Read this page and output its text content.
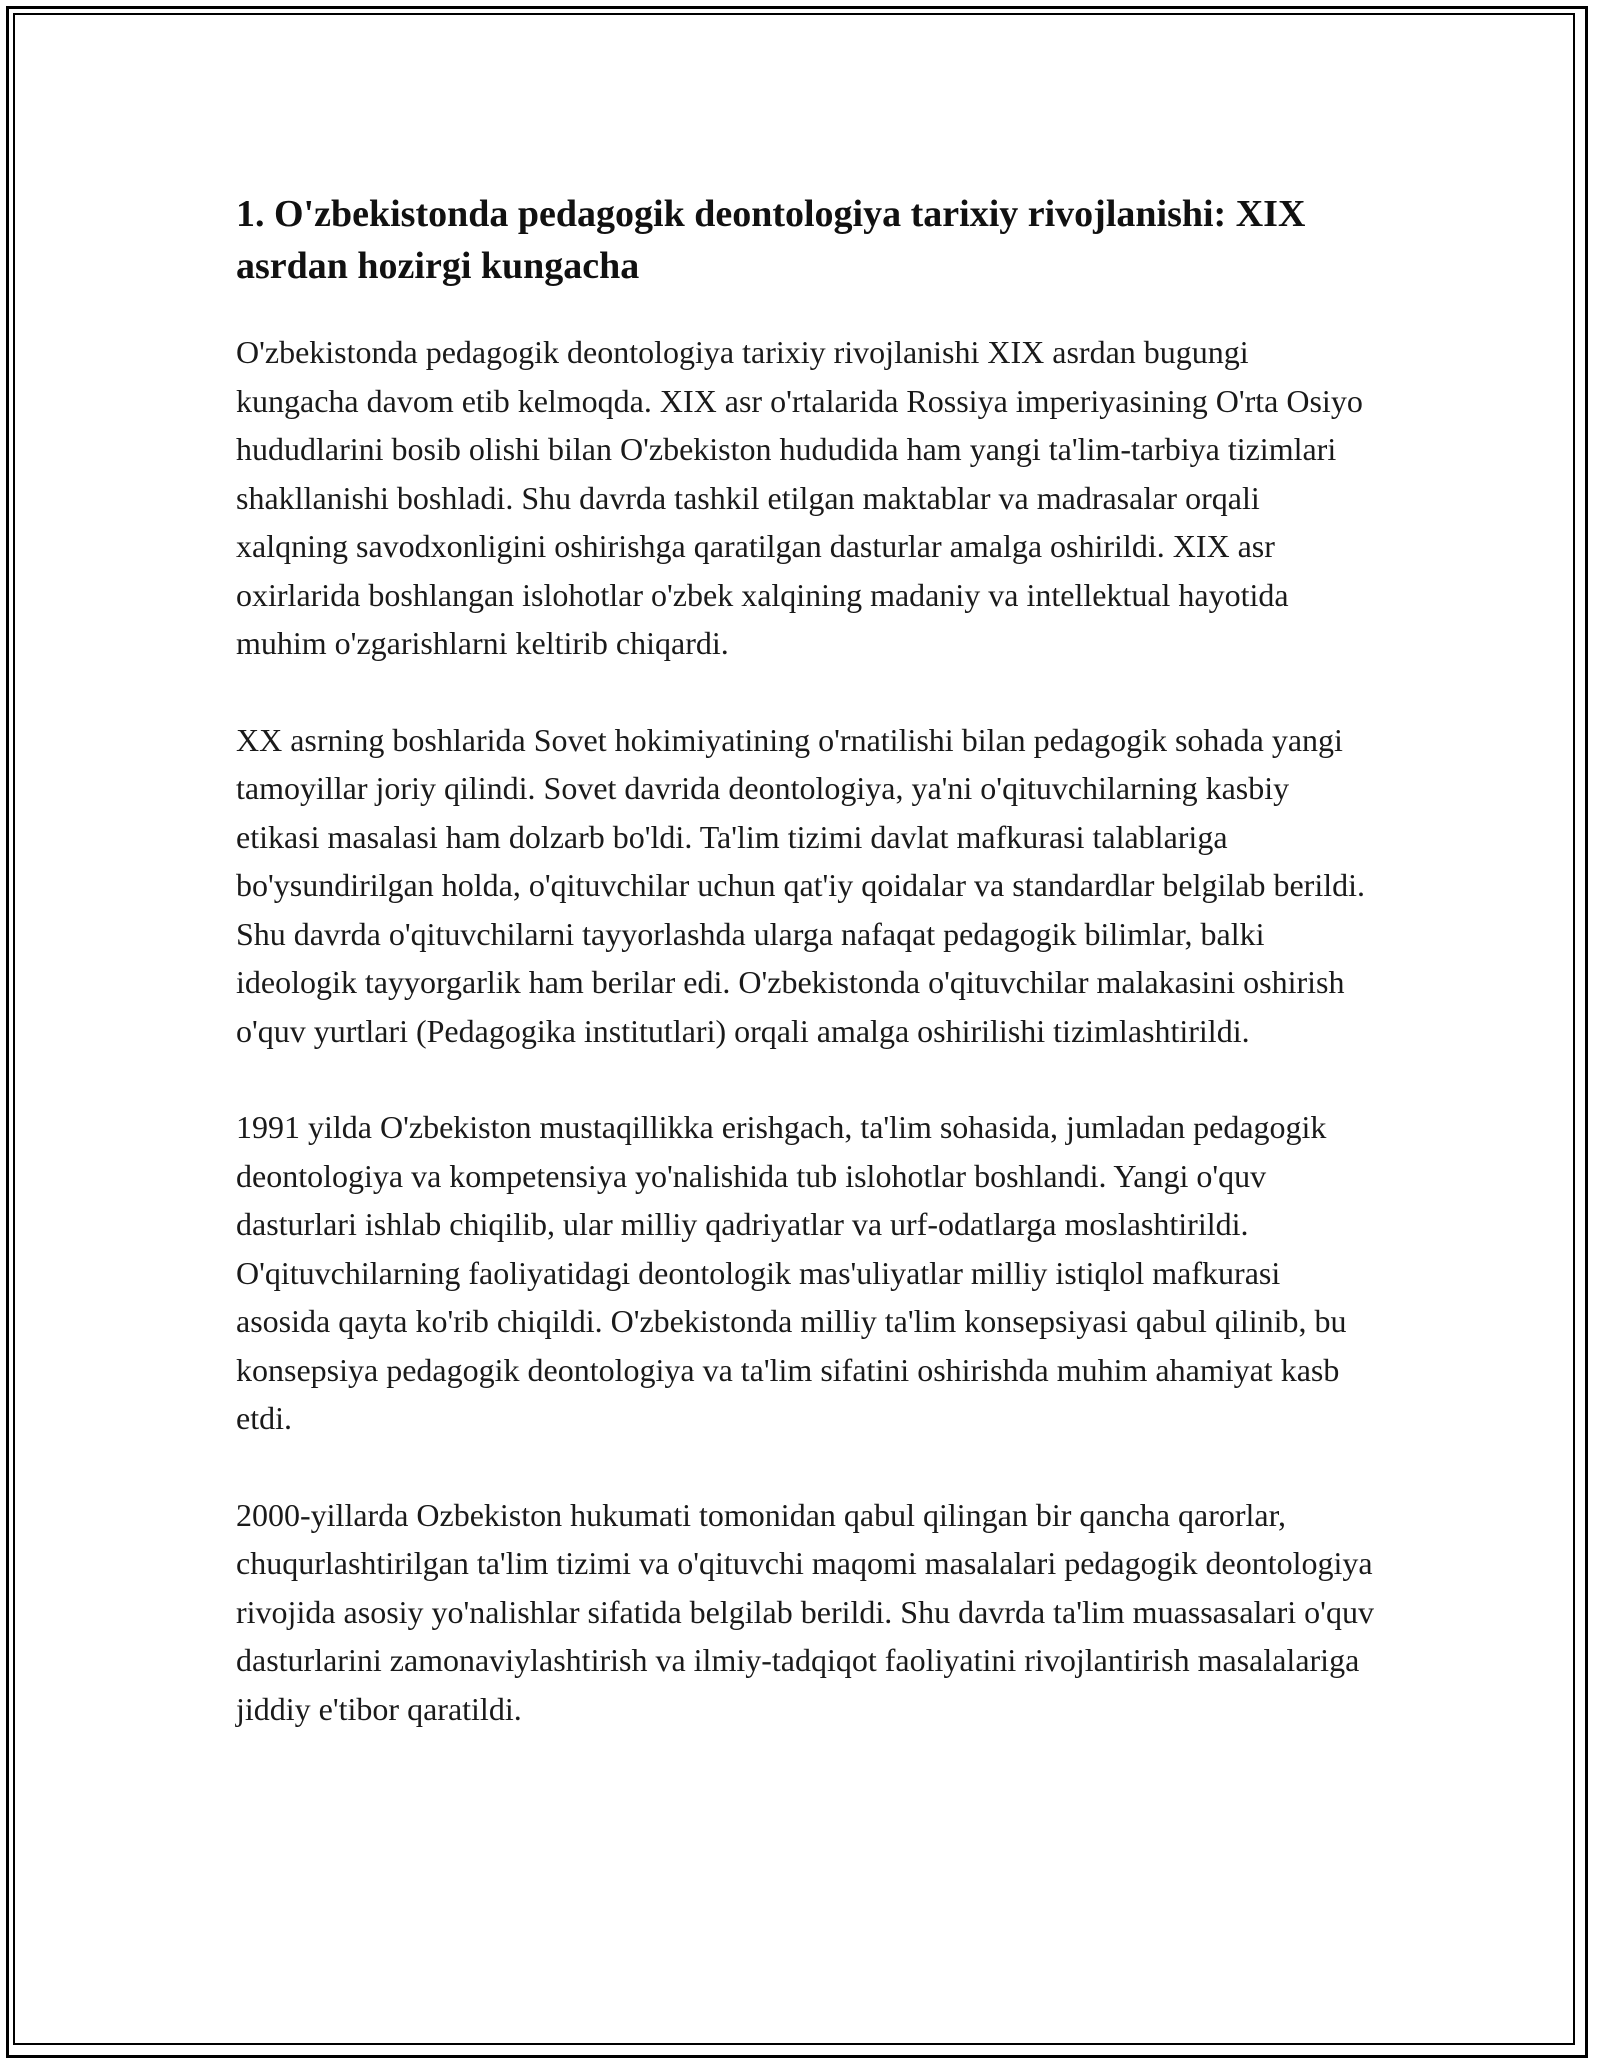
1. O'zbekistonda pedagogik deontologiya tarixiy rivojlanishi: XIX asrdan hozirgi kungacha

O'zbekistonda pedagogik deontologiya tarixiy rivojlanishi XIX asrdan bugungi kungacha davom etib kelmoqda. XIX asr o'rtalarida Rossiya imperiyasining O'rta Osiyo hududlarini bosib olishi bilan O'zbekiston hududida ham yangi ta'lim-tarbiya tizimlari shakllanishi boshladi. Shu davrda tashkil etilgan maktablar va madrasalar orqali xalqning savodxonligini oshirishga qaratilgan dasturlar amalga oshirildi. XIX asr oxirlarida boshlangan islohotlar o'zbek xalqining madaniy va intellektual hayotida muhim o'zgarishlarni keltirib chiqardi.

XX asrning boshlarida Sovet hokimiyatining o'rnatilishi bilan pedagogik sohada yangi tamoyillar joriy qilindi. Sovet davrida deontologiya, ya'ni o'qituvchilarning kasbiy etikasi masalasi ham dolzarb bo'ldi. Ta'lim tizimi davlat mafkurasi talablariga bo'ysundirilgan holda, o'qituvchilar uchun qat'iy qoidalar va standardlar belgilab berildi. Shu davrda o'qituvchilarni tayyorlashda ularga nafaqat pedagogik bilimlar, balki ideologik tayyorgarlik ham berilar edi. O'zbekistonda o'qituvchilar malakasini oshirish o'quv yurtlari (Pedagogika institutlari) orqali amalga oshirilishi tizimlashtirildi.

1991 yilda O'zbekiston mustaqillikka erishgach, ta'lim sohasida, jumladan pedagogik deontologiya va kompetensiya yo'nalishida tub islohotlar boshlandi. Yangi o'quv dasturlari ishlab chiqilib, ular milliy qadriyatlar va urf-odatlarga moslashtirildi. O'qituvchilarning faoliyatidagi deontologik mas'uliyatlar milliy istiqlol mafkurasi asosida qayta ko'rib chiqildi. O'zbekistonda milliy ta'lim konsepsiyasi qabul qilinib, bu konsepsiya pedagogik deontologiya va ta'lim sifatini oshirishda muhim ahamiyat kasb etdi.

2000-yillarda Ozbekiston hukumati tomonidan qabul qilingan bir qancha qarorlar, chuqurlashtirilgan ta'lim tizimi va o'qituvchi maqomi masalalari pedagogik deontologiya rivojida asosiy yo'nalishlar sifatida belgilab berildi. Shu davrda ta'lim muassasalari o'quv dasturlarini zamonaviylashtirish va ilmiy-tadqiqot faoliyatini rivojlantirish masalalariga jiddiy e'tibor qaratildi.
